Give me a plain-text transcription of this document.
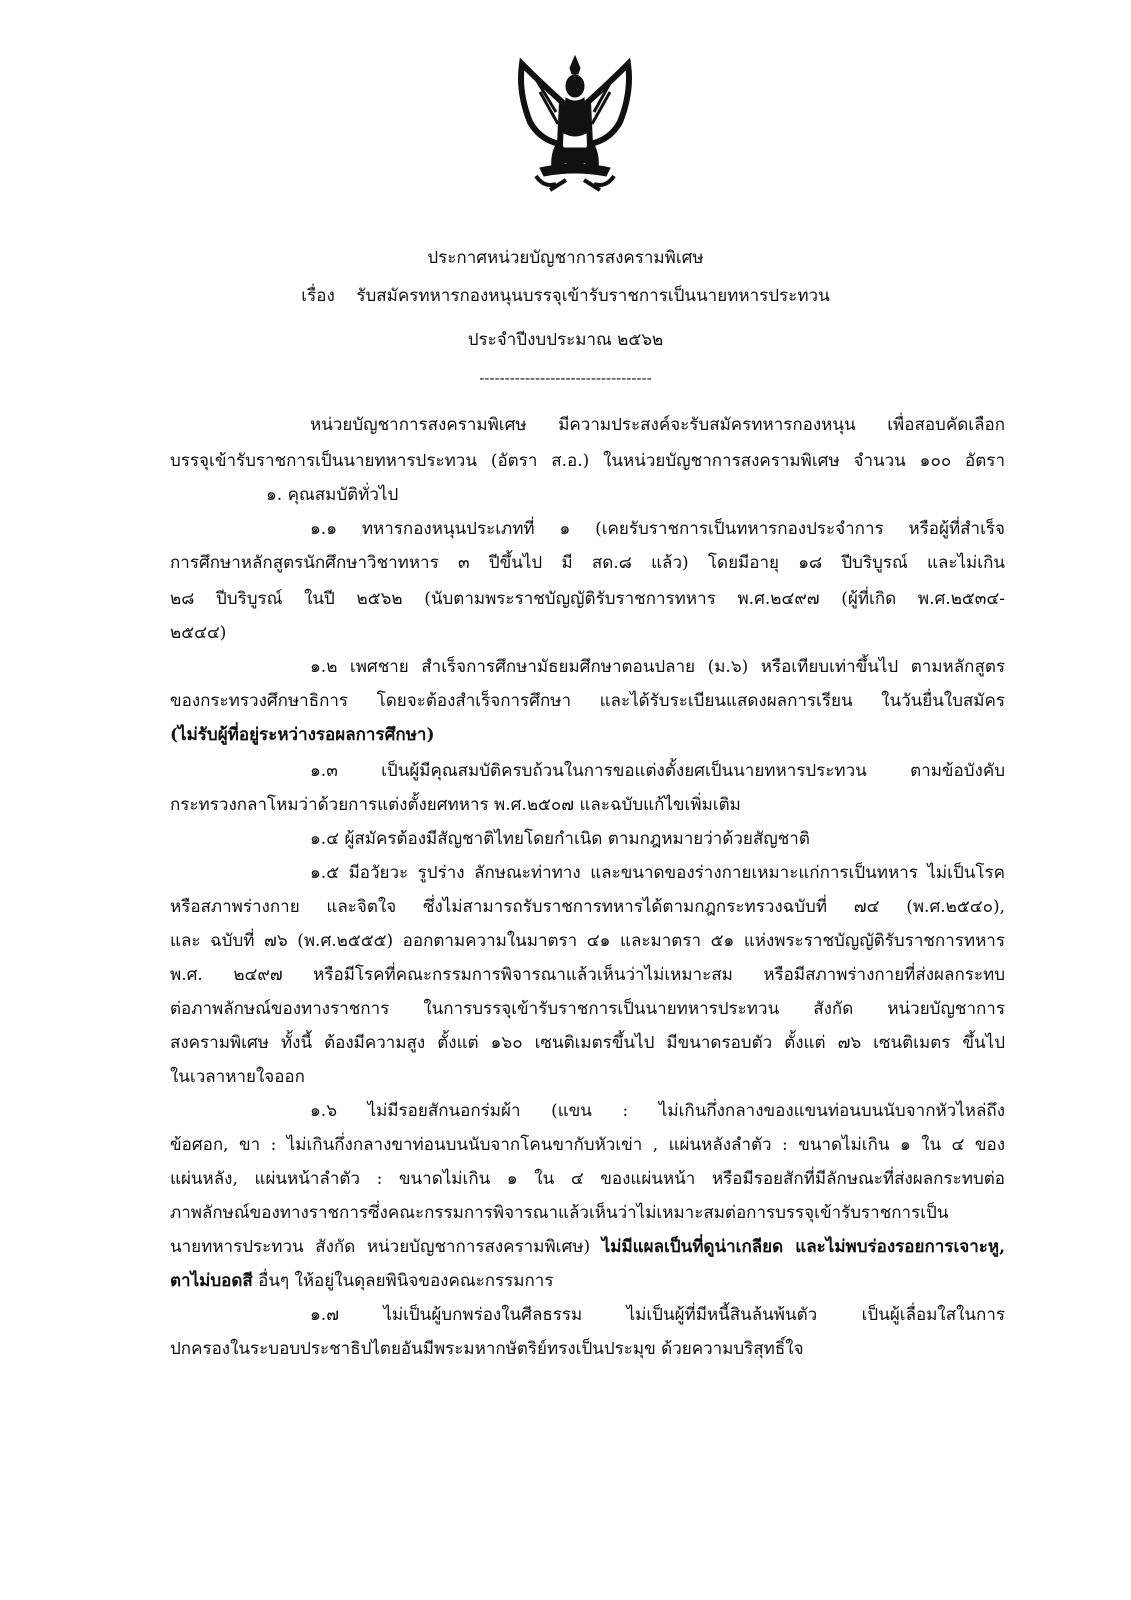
ประกาศหน่วยบัญชาการสงครามพิเศษ
เรื่อง รับสมัครทหารกองหนุนบรรจุเข้ารับราชการเป็นนายทหารประทวน
ประจำปีงบประมาณ ๒๕๖๒
----------------------------------
หน่วยบัญชาการสงครามพิเศษ มีความประสงค์จะรับสมัครทหารกองหนุน เพื่อสอบคัดเลือก
บรรจุเข้ารับราชการเป็นนายทหารประทวน (อัตรา ส.อ.) ในหน่วยบัญชาการสงครามพิเศษ จำนวน ๑๐๐ อัตรา
๑. คุณสมบัติทั่วไป
๑.๑ ทหารกองหนุนประเภทที่ ๑ (เคยรับราชการเป็นทหารกองประจำการ หรือผู้ที่สำเร็จ
การศึกษาหลักสูตรนักศึกษาวิชาทหาร ๓ ปีขึ้นไป มี สด.๘ แล้ว) โดยมีอายุ ๑๘ ปีบริบูรณ์ และไม่เกิน
๒๘ ปีบริบูรณ์ ในปี ๒๕๖๒ (นับตามพระราชบัญญัติรับราชการทหาร พ.ศ.๒๔๙๗ (ผู้ที่เกิด พ.ศ.๒๕๓๔-
๒๕๔๔)
๑.๒ เพศชาย สำเร็จการศึกษามัธยมศึกษาตอนปลาย (ม.๖) หรือเทียบเท่าขึ้นไป ตามหลักสูตร
ของกระทรวงศึกษาธิการ โดยจะต้องสำเร็จการศึกษา และได้รับระเบียนแสดงผลการเรียน ในวันยื่นใบสมัคร
(ไม่รับผู้ที่อยู่ระหว่างรอผลการศึกษา)
๑.๓ เป็นผู้มีคุณสมบัติครบถ้วนในการขอแต่งตั้งยศเป็นนายทหารประทวน ตามข้อบังคับ
กระทรวงกลาโหมว่าด้วยการแต่งตั้งยศทหาร พ.ศ.๒๕๐๗ และฉบับแก้ไขเพิ่มเติม
๑.๔ ผู้สมัครต้องมีสัญชาติไทยโดยกำเนิด ตามกฎหมายว่าด้วยสัญชาติ
๑.๕ มีอวัยวะ รูปร่าง ลักษณะท่าทาง และขนาดของร่างกายเหมาะแก่การเป็นทหาร ไม่เป็นโรค
หรือสภาพร่างกาย และจิตใจ ซึ่งไม่สามารถรับราชการทหารได้ตามกฎกระทรวงฉบับที่ ๗๔ (พ.ศ.๒๕๔๐),
และ ฉบับที่ ๗๖ (พ.ศ.๒๕๕๕) ออกตามความในมาตรา ๔๑ และมาตรา ๕๑ แห่งพระราชบัญญัติรับราชการทหาร
พ.ศ. ๒๔๙๗ หรือมีโรคที่คณะกรรมการพิจารณาแล้วเห็นว่าไม่เหมาะสม หรือมีสภาพร่างกายที่ส่งผลกระทบ
ต่อภาพลักษณ์ของทางราชการ ในการบรรจุเข้ารับราชการเป็นนายทหารประทวน สังกัด หน่วยบัญชาการ
สงครามพิเศษ ทั้งนี้ ต้องมีความสูง ตั้งแต่ ๑๖๐ เซนติเมตรขึ้นไป มีขนาดรอบตัว ตั้งแต่ ๗๖ เซนติเมตร ขึ้นไป
ในเวลาหายใจออก
๑.๖ ไม่มีรอยสักนอกร่มผ้า (แขน : ไม่เกินกึ่งกลางของแขนท่อนบนนับจากหัวไหล่ถึง
ข้อศอก, ขา : ไม่เกินกึ่งกลางขาท่อนบนนับจากโคนขากับหัวเข่า , แผ่นหลังลำตัว : ขนาดไม่เกิน ๑ ใน ๔ ของ
แผ่นหลัง, แผ่นหน้าลำตัว : ขนาดไม่เกิน ๑ ใน ๔ ของแผ่นหน้า หรือมีรอยสักที่มีลักษณะที่ส่งผลกระทบต่อ
ภาพลักษณ์ของทางราชการซึ่งคณะกรรมการพิจารณาแล้วเห็นว่าไม่เหมาะสมต่อการบรรจุเข้ารับราชการเป็น
นายทหารประทวน สังกัด หน่วยบัญชาการสงครามพิเศษ) ไม่มีแผลเป็นที่ดูน่าเกลียด และไม่พบร่องรอยการเจาะหู,
ตาไม่บอดสี อื่นๆ ให้อยู่ในดุลยพินิจของคณะกรรมการ
๑.๗ ไม่เป็นผู้บกพร่องในศีลธรรม ไม่เป็นผู้ที่มีหนี้สินล้นพ้นตัว เป็นผู้เลื่อมใสในการ
ปกครองในระบอบประชาธิปไตยอันมีพระมหากษัตริย์ทรงเป็นประมุข ด้วยความบริสุทธิ์ใจ
